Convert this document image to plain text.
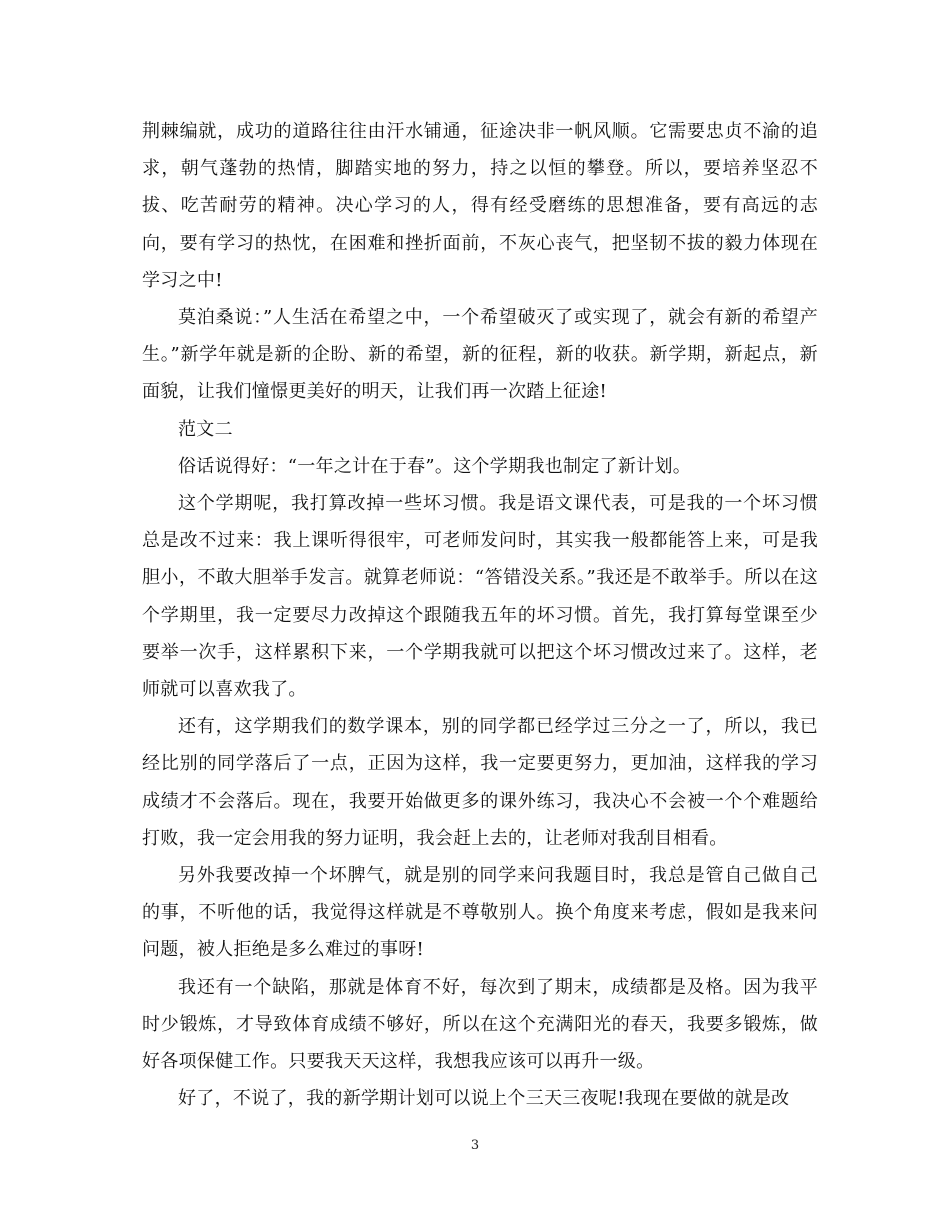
荆棘编就，成功的道路往往由汗水铺通，征途决非一帆风顺。它需要忠贞不渝的追求，朝气蓬勃的热情，脚踏实地的努力，持之以恒的攀登。所以，要培养坚忍不拔、吃苦耐劳的精神。决心学习的人，得有经受磨练的思想准备，要有高远的志向，要有学习的热忱，在困难和挫折面前，不灰心丧气，把坚韧不拔的毅力体现在学习之中!

莫泊桑说：”人生活在希望之中，一个希望破灭了或实现了，就会有新的希望产生。”新学年就是新的企盼、新的希望，新的征程，新的收获。新学期，新起点，新面貌，让我们憧憬更美好的明天，让我们再一次踏上征途!

范文二

俗话说得好：“一年之计在于春”。这个学期我也制定了新计划。

这个学期呢，我打算改掉一些坏习惯。我是语文课代表，可是我的一个坏习惯总是改不过来：我上课听得很牢，可老师发问时，其实我一般都能答上来，可是我胆小，不敢大胆举手发言。就算老师说：“答错没关系。”我还是不敢举手。所以在这个学期里，我一定要尽力改掉这个跟随我五年的坏习惯。首先，我打算每堂课至少要举一次手，这样累积下来，一个学期我就可以把这个坏习惯改过来了。这样，老师就可以喜欢我了。

还有，这学期我们的数学课本，别的同学都已经学过三分之一了，所以，我已经比别的同学落后了一点，正因为这样，我一定要更努力，更加油，这样我的学习成绩才不会落后。现在，我要开始做更多的课外练习，我决心不会被一个个难题给打败，我一定会用我的努力证明，我会赶上去的，让老师对我刮目相看。

另外我要改掉一个坏脾气，就是别的同学来问我题目时，我总是管自己做自己的事，不听他的话，我觉得这样就是不尊敬别人。换个角度来考虑，假如是我来问问题，被人拒绝是多么难过的事呀!

我还有一个缺陷，那就是体育不好，每次到了期末，成绩都是及格。因为我平时少锻炼，才导致体育成绩不够好，所以在这个充满阳光的春天，我要多锻炼，做好各项保健工作。只要我天天这样，我想我应该可以再升一级。

好了，不说了，我的新学期计划可以说上个三天三夜呢!我现在要做的就是改

3
